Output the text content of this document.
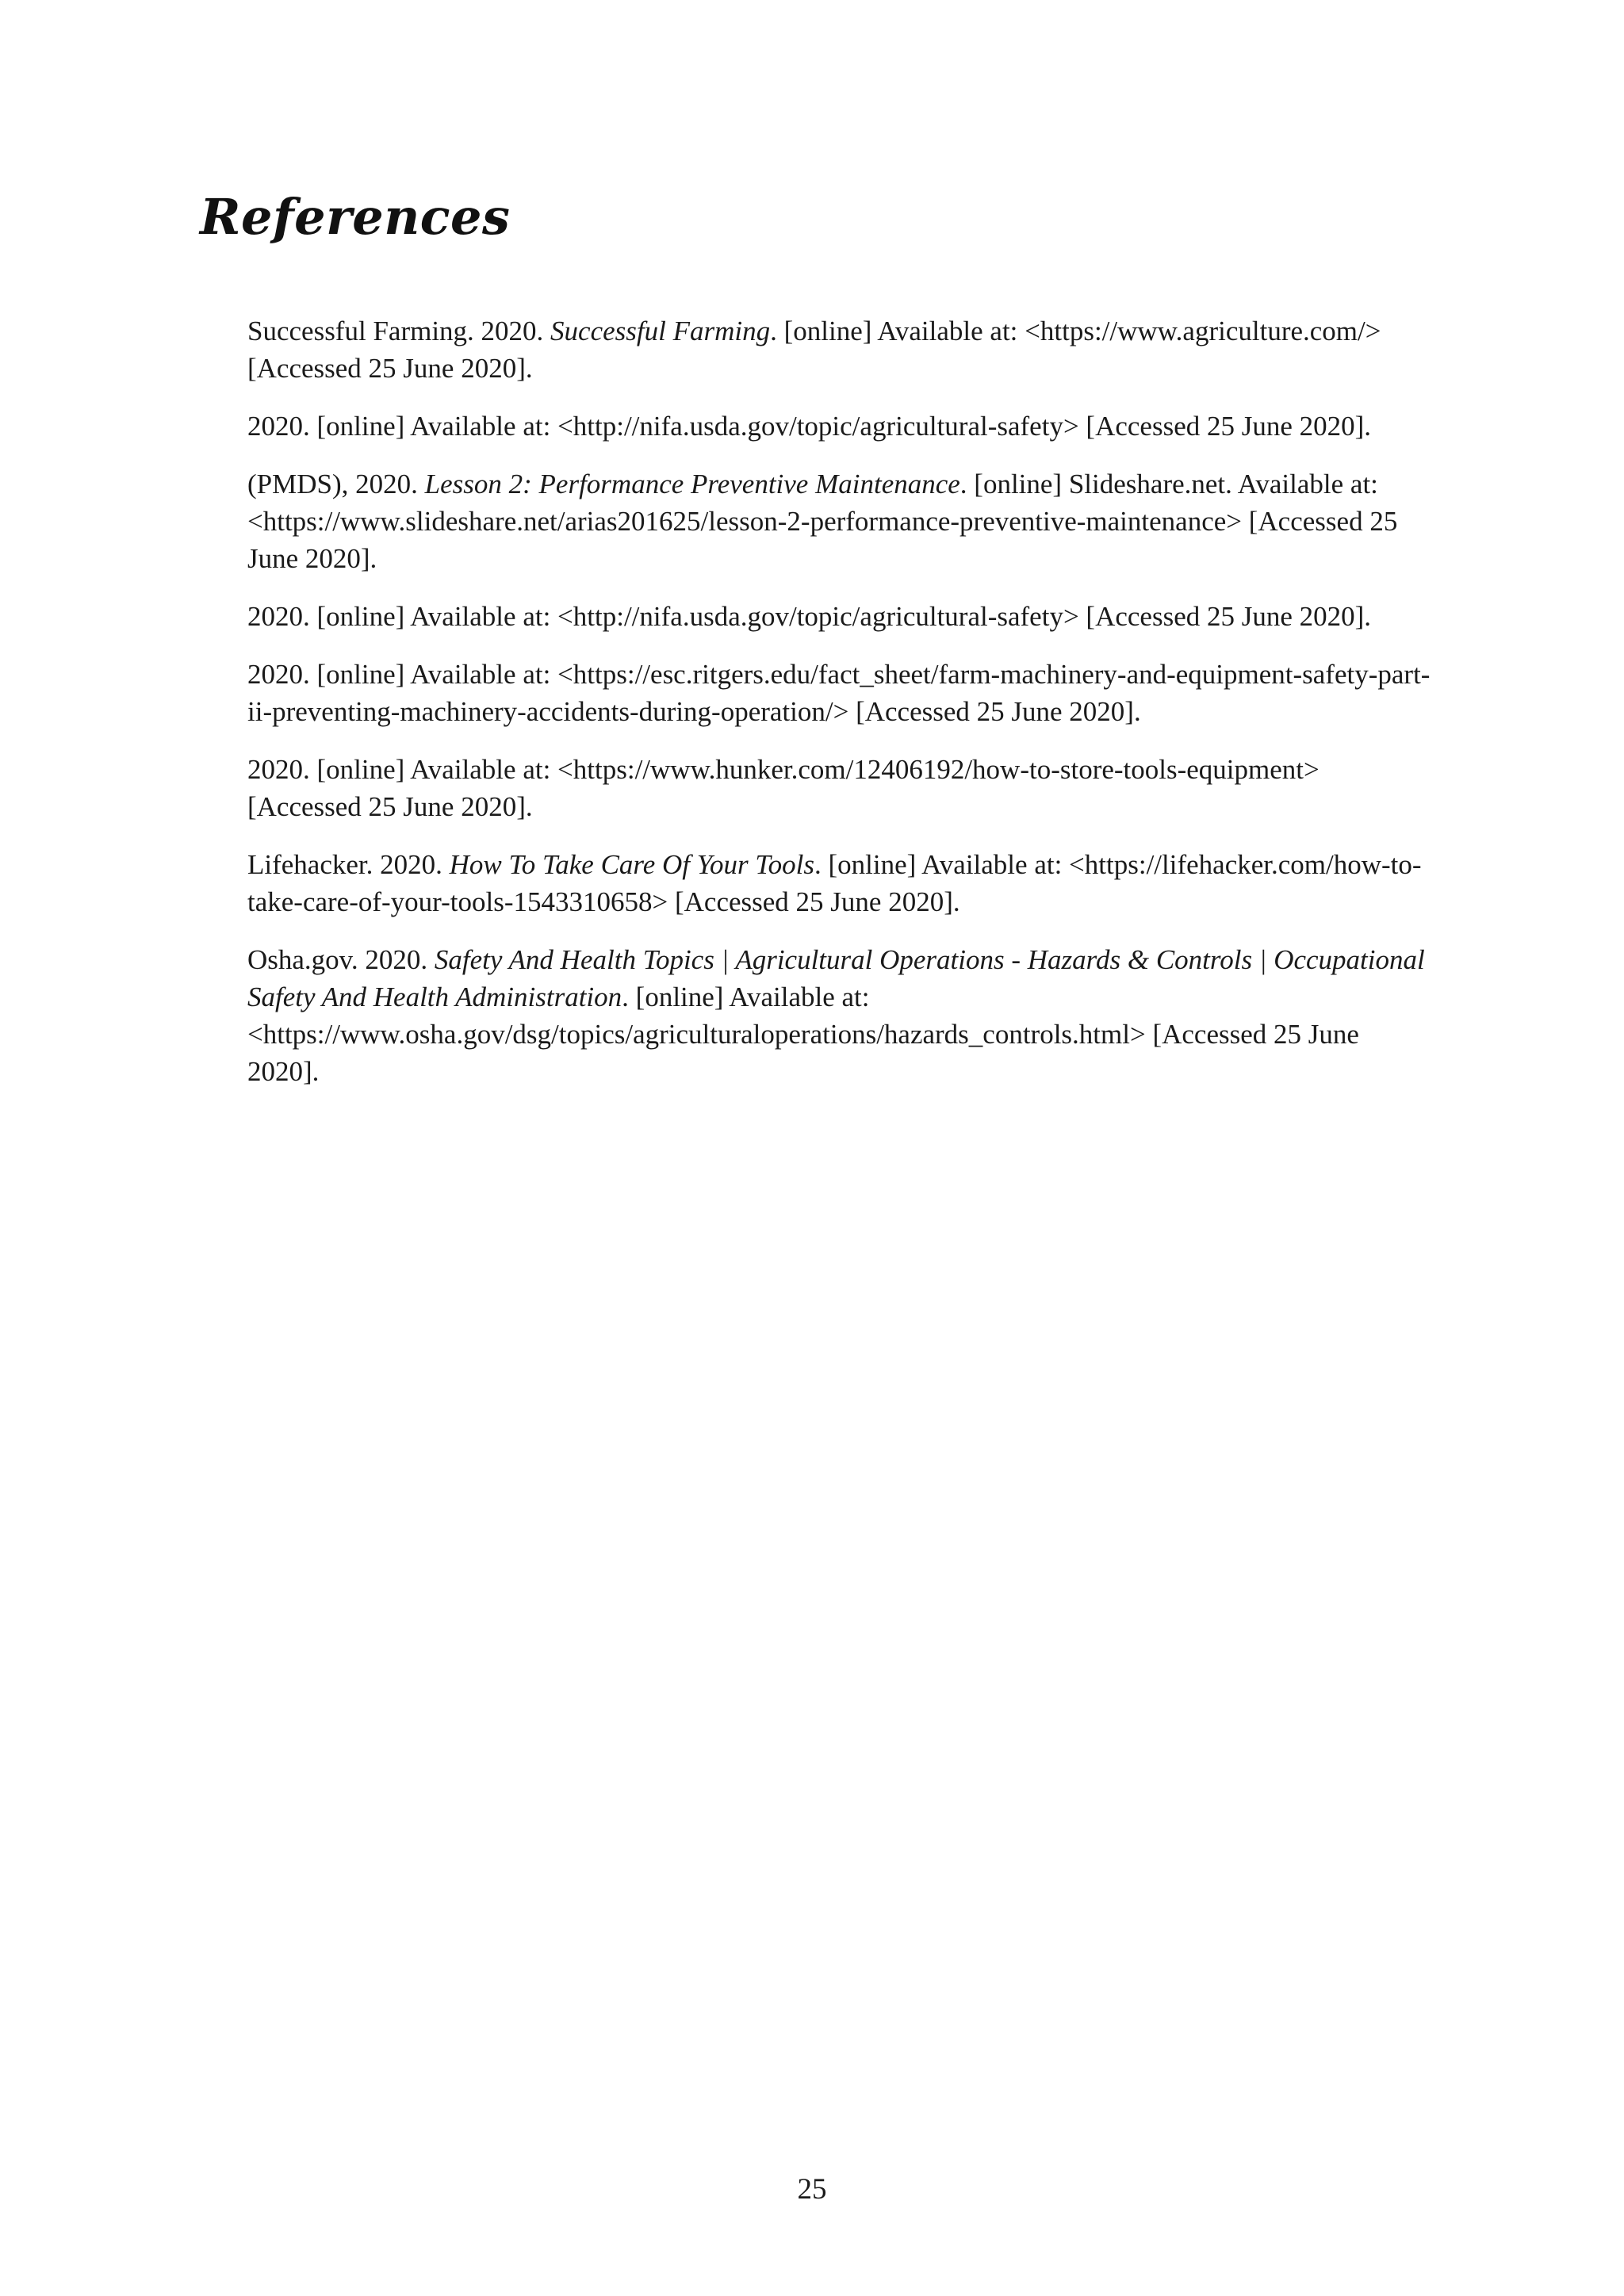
References
Successful Farming. 2020. Successful Farming. [online] Available at: <https://www.agriculture.com/> [Accessed 25 June 2020].
2020. [online] Available at: <http://nifa.usda.gov/topic/agricultural-safety> [Accessed 25 June 2020].
(PMDS), 2020. Lesson 2: Performance Preventive Maintenance. [online] Slideshare.net. Available at: <https://www.slideshare.net/arias201625/lesson-2-performance-preventive-maintenance> [Accessed 25 June 2020].
2020. [online] Available at: <http://nifa.usda.gov/topic/agricultural-safety> [Accessed 25 June 2020].
2020. [online] Available at: <https://esc.ritgers.edu/fact_sheet/farm-machinery-and-equipment-safety-part-ii-preventing-machinery-accidents-during-operation/> [Accessed 25 June 2020].
2020. [online] Available at: <https://www.hunker.com/12406192/how-to-store-tools-equipment> [Accessed 25 June 2020].
Lifehacker. 2020. How To Take Care Of Your Tools. [online] Available at: <https://lifehacker.com/how-to-take-care-of-your-tools-1543310658> [Accessed 25 June 2020].
Osha.gov. 2020. Safety And Health Topics | Agricultural Operations - Hazards & Controls | Occupational Safety And Health Administration. [online] Available at: <https://www.osha.gov/dsg/topics/agriculturaloperations/hazards_controls.html> [Accessed 25 June 2020].
25
